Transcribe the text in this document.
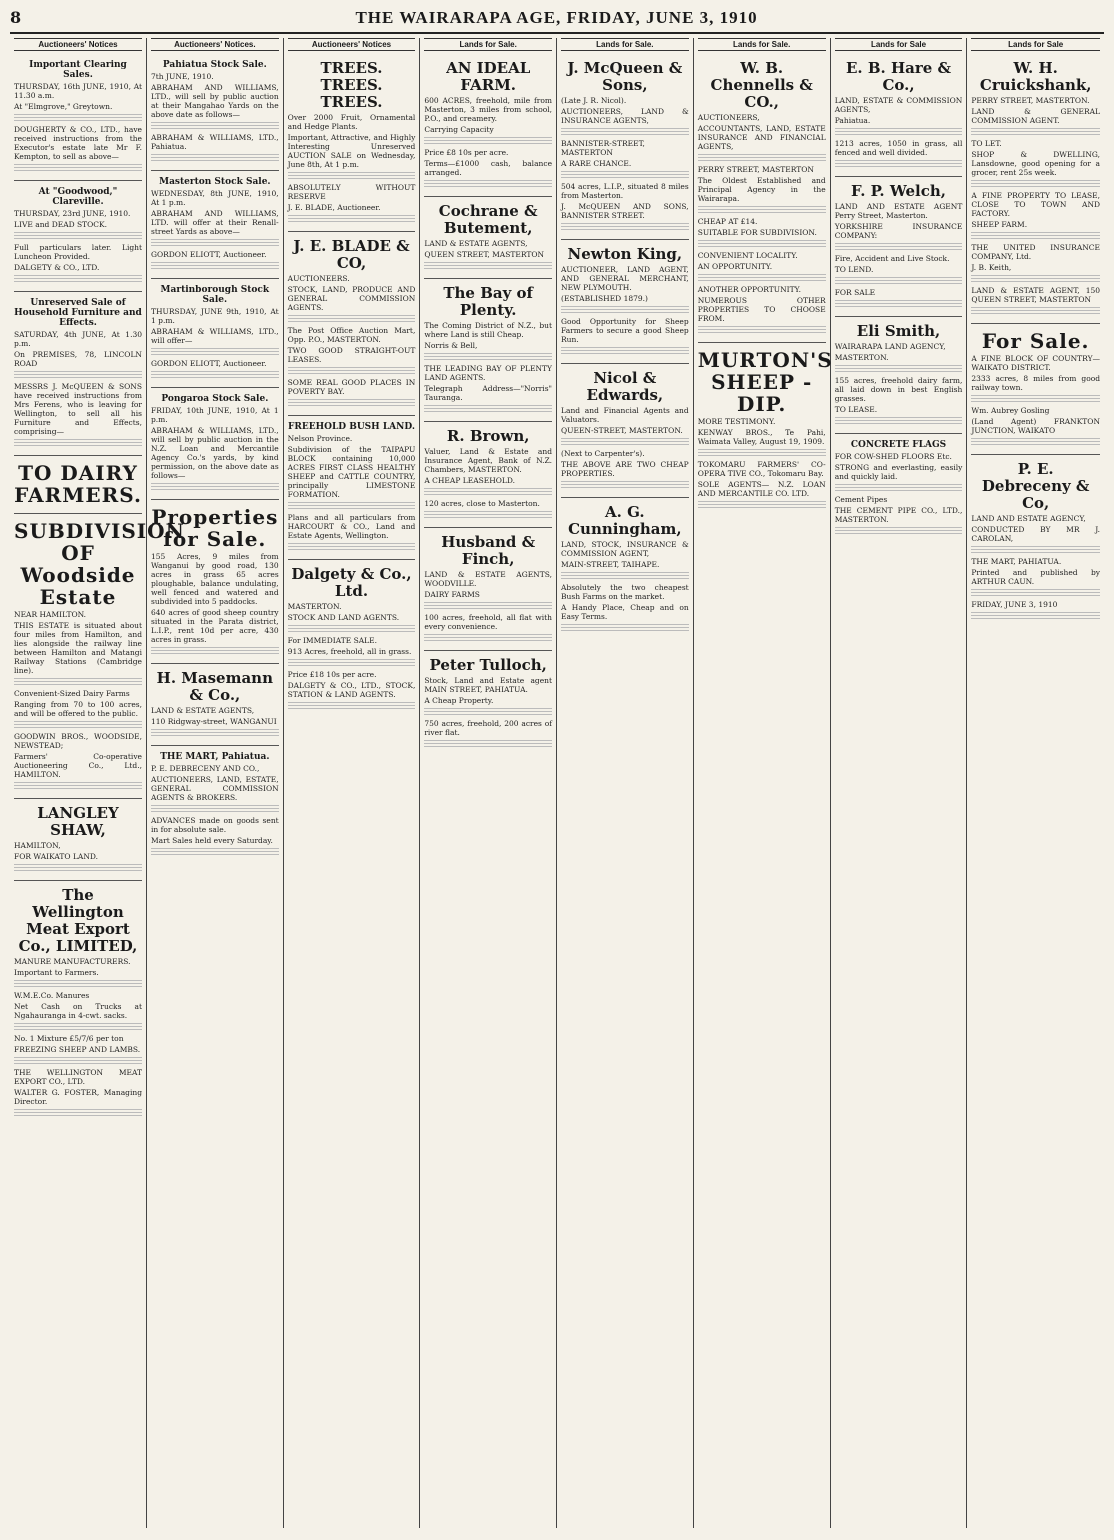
8	THE WAIRARAPA AGE, FRIDAY, JUNE 3, 1910
Auctioneers' Notices
Important Clearing Sales.

THURSDAY, 16th JUNE, 1910, At 11.30 a.m.

At "Elmgrove," Greytown.

DOUGHERTY & CO., LTD., have received instructions from the Executor's estate late Mr F. Kempton, to sell as above—

At "Goodwood," Clareville.

THURSDAY, 23rd JUNE, 1910.

LIVE and DEAD STOCK.

Full particulars later. Light Luncheon Provided.

DALGETY & CO., LTD.

Unreserved Sale of Household Furniture and Effects.

SATURDAY, 4th JUNE, At 1.30 p.m.

On PREMISES, 78, LINCOLN ROAD

MESSRS J. McQUEEN & SONS have received instructions from Mrs Ferens, who is leaving for Wellington, to sell all his Furniture and Effects, comprising—

TO DAIRY FARMERS.
SUBDIVISION OF Woodside Estate

NEAR HAMILTON.

THIS ESTATE is situated about four miles from Hamilton, and lies alongside the railway line between Hamilton and Matangi Railway Stations (Cambridge line).

Convenient-Sized Dairy Farms

Ranging from 70 to 100 acres, and will be offered to the public.

GOODWIN BROS., WOODSIDE, NEWSTEAD;

Farmers' Co-operative Auctioneering Co., Ltd., HAMILTON.

LANGLEY SHAW,

HAMILTON,

FOR WAIKATO LAND.

The Wellington Meat Export Co., LIMITED,

MANURE MANUFACTURERS.

Important to Farmers.

W.M.E.Co. Manures

Net Cash on Trucks at Ngahauranga in 4-cwt. sacks.

No. 1 Mixture £5/7/6 per ton

FREEZING SHEEP AND LAMBS.

THE WELLINGTON MEAT EXPORT CO., LTD.

WALTER G. FOSTER, Managing Director.

Auctioneers' Notices.
Pahiatua Stock Sale.

7th JUNE, 1910.

ABRAHAM AND WILLIAMS, LTD., will sell by public auction at their Mangahao Yards on the above date as follows—

ABRAHAM & WILLIAMS, LTD., Pahiatua.

Masterton Stock Sale.

WEDNESDAY, 8th JUNE, 1910, At 1 p.m.

ABRAHAM AND WILLIAMS, LTD. will offer at their Renall-street Yards as above—

GORDON ELIOTT, Auctioneer.

Martinborough Stock Sale.

THURSDAY, JUNE 9th, 1910, At 1 p.m.

ABRAHAM & WILLIAMS, LTD., will offer—

GORDON ELIOTT, Auctioneer.

Pongaroa Stock Sale.

FRIDAY, 10th JUNE, 1910, At 1 p.m.

ABRAHAM & WILLIAMS, LTD., will sell by public auction in the N.Z. Loan and Mercantile Agency Co.'s yards, by kind permission, on the above date as follows—

Properties for Sale.

155 Acres, 9 miles from Wanganui by good road, 130 acres in grass 65 acres ploughable, balance undulating, well fenced and watered and subdivided into 5 paddocks.

640 acres of good sheep country situated in the Parata district, L.I.P., rent 10d per acre, 430 acres in grass.

H. Masemann & Co.,

LAND & ESTATE AGENTS,

110 Ridgway-street, WANGANUI

THE MART, Pahiatua.

P. E. DEBRECENY AND CO.,

AUCTIONEERS, LAND, ESTATE, GENERAL COMMISSION AGENTS & BROKERS.

ADVANCES made on goods sent in for absolute sale.

Mart Sales held every Saturday.

Auctioneers' Notices
TREES. TREES. TREES.

Over 2000 Fruit, Ornamental and Hedge Plants.

Important, Attractive, and Highly Interesting Unreserved AUCTION SALE on Wednesday, June 8th, At 1 p.m.

ABSOLUTELY WITHOUT RESERVE

J. E. BLADE, Auctioneer.

J. E. BLADE & CO,

AUCTIONEERS.

STOCK, LAND, PRODUCE AND GENERAL COMMISSION AGENTS.

The Post Office Auction Mart, Opp. P.O., MASTERTON.

TWO GOOD STRAIGHT-OUT LEASES.

SOME REAL GOOD PLACES IN POVERTY BAY.

FREEHOLD BUSH LAND.

Nelson Province.

Subdivision of the TAIPAPU BLOCK containing 10,000 ACRES FIRST CLASS HEALTHY SHEEP and CATTLE COUNTRY, principally LIMESTONE FORMATION.

Plans and all particulars from HARCOURT & CO., Land and Estate Agents, Wellington.

Dalgety & Co., Ltd.

MASTERTON.

STOCK AND LAND AGENTS.

For IMMEDIATE SALE.

913 Acres, freehold, all in grass.

Price £18 10s per acre.

DALGETY & CO., LTD., STOCK, STATION & LAND AGENTS.

Lands for Sale.
AN IDEAL FARM.

600 ACRES, freehold, mile from Masterton, 3 miles from school, P.O., and creamery.

Carrying Capacity

Price £8 10s per acre.

Terms—£1000 cash, balance arranged.

Cochrane & Butement,

LAND & ESTATE AGENTS,

QUEEN STREET, MASTERTON

The Bay of Plenty.

The Coming District of N.Z., but where Land is still Cheap.

Norris & Bell,

THE LEADING BAY OF PLENTY LAND AGENTS.

Telegraph Address—"Norris" Tauranga.

R. Brown,

Valuer, Land & Estate and Insurance Agent, Bank of N.Z. Chambers, MASTERTON.

A CHEAP LEASEHOLD.

120 acres, close to Masterton.

Husband & Finch,

LAND & ESTATE AGENTS, WOODVILLE.

DAIRY FARMS

100 acres, freehold, all flat with every convenience.

Peter Tulloch,

Stock, Land and Estate agent MAIN STREET, PAHIATUA.

A Cheap Property.

750 acres, freehold, 200 acres of river flat.

Lands for Sale.
J. McQueen & Sons,

(Late J. R. Nicol).

AUCTIONEERS, LAND & INSURANCE AGENTS,

BANNISTER-STREET, MASTERTON

A RARE CHANCE.

504 acres, L.I.P., situated 8 miles from Masterton.

J. McQUEEN AND SONS, BANNISTER STREET.

Newton King,

AUCTIONEER, LAND AGENT, AND GENERAL MERCHANT, NEW PLYMOUTH.

(ESTABLISHED 1879.)

Good Opportunity for Sheep Farmers to secure a good Sheep Run.

Nicol & Edwards,

Land and Financial Agents and Valuators.

QUEEN-STREET, MASTERTON.

(Next to Carpenter's).

THE ABOVE ARE TWO CHEAP PROPERTIES.

A. G. Cunningham,

LAND, STOCK, INSURANCE & COMMISSION AGENT,

MAIN-STREET, TAIHAPE.

Absolutely the two cheapest Bush Farms on the market.

A Handy Place, Cheap and on Easy Terms.

Lands for Sale.
W. B. Chennells & CO.,

AUCTIONEERS,

ACCOUNTANTS, LAND, ESTATE INSURANCE AND FINANCIAL AGENTS,

PERRY STREET, MASTERTON

The Oldest Established and Principal Agency in the Wairarapa.

CHEAP AT £14.

SUITABLE FOR SUBDIVISION.

CONVENIENT LOCALITY.

AN OPPORTUNITY.

ANOTHER OPPORTUNITY.

NUMEROUS OTHER PROPERTIES TO CHOOSE FROM.

MURTON'S SHEEP - DIP.

MORE TESTIMONY.

KENWAY BROS., Te Pahi, Waimata Valley, August 19, 1909.

TOKOMARU FARMERS' CO-OPERA TIVE CO., Tokomaru Bay.

SOLE AGENTS— N.Z. LOAN AND MERCANTILE CO. LTD.

Lands for Sale
E. B. Hare & Co.,

LAND, ESTATE & COMMISSION AGENTS,

Pahiatua.

1213 acres, 1050 in grass, all fenced and well divided.

F. P. Welch,

LAND AND ESTATE AGENT Perry Street, Masterton.

YORKSHIRE INSURANCE COMPANY:

Fire, Accident and Live Stock.

TO LEND.

FOR SALE

Eli Smith,

WAIRARAPA LAND AGENCY,

MASTERTON.

155 acres, freehold dairy farm, all laid down in best English grasses.

TO LEASE.

CONCRETE FLAGS

FOR COW-SHED FLOORS Etc.

STRONG and everlasting, easily and quickly laid.

Cement Pipes

THE CEMENT PIPE CO., LTD., MASTERTON.

Lands for Sale
W. H. Cruickshank,

PERRY STREET, MASTERTON.

LAND & GENERAL COMMISSION AGENT.

TO LET.

SHOP & DWELLING, Lansdowne, good opening for a grocer, rent 25s week.

A FINE PROPERTY TO LEASE, CLOSE TO TOWN AND FACTORY.

SHEEP FARM.

THE UNITED INSURANCE COMPANY, Ltd.

J. B. Keith,

LAND & ESTATE AGENT, 150 QUEEN STREET, MASTERTON

For Sale.

A FINE BLOCK OF COUNTRY— WAIKATO DISTRICT.

2333 acres, 8 miles from good railway town.

Wm. Aubrey Gosling

(Land Agent) FRANKTON JUNCTION, WAIKATO

P. E. Debreceny & Co,

LAND AND ESTATE AGENCY,

CONDUCTED BY MR J. CAROLAN,

THE MART, PAHIATUA.

Printed and published by ARTHUR CAUN.

FRIDAY, JUNE 3, 1910
